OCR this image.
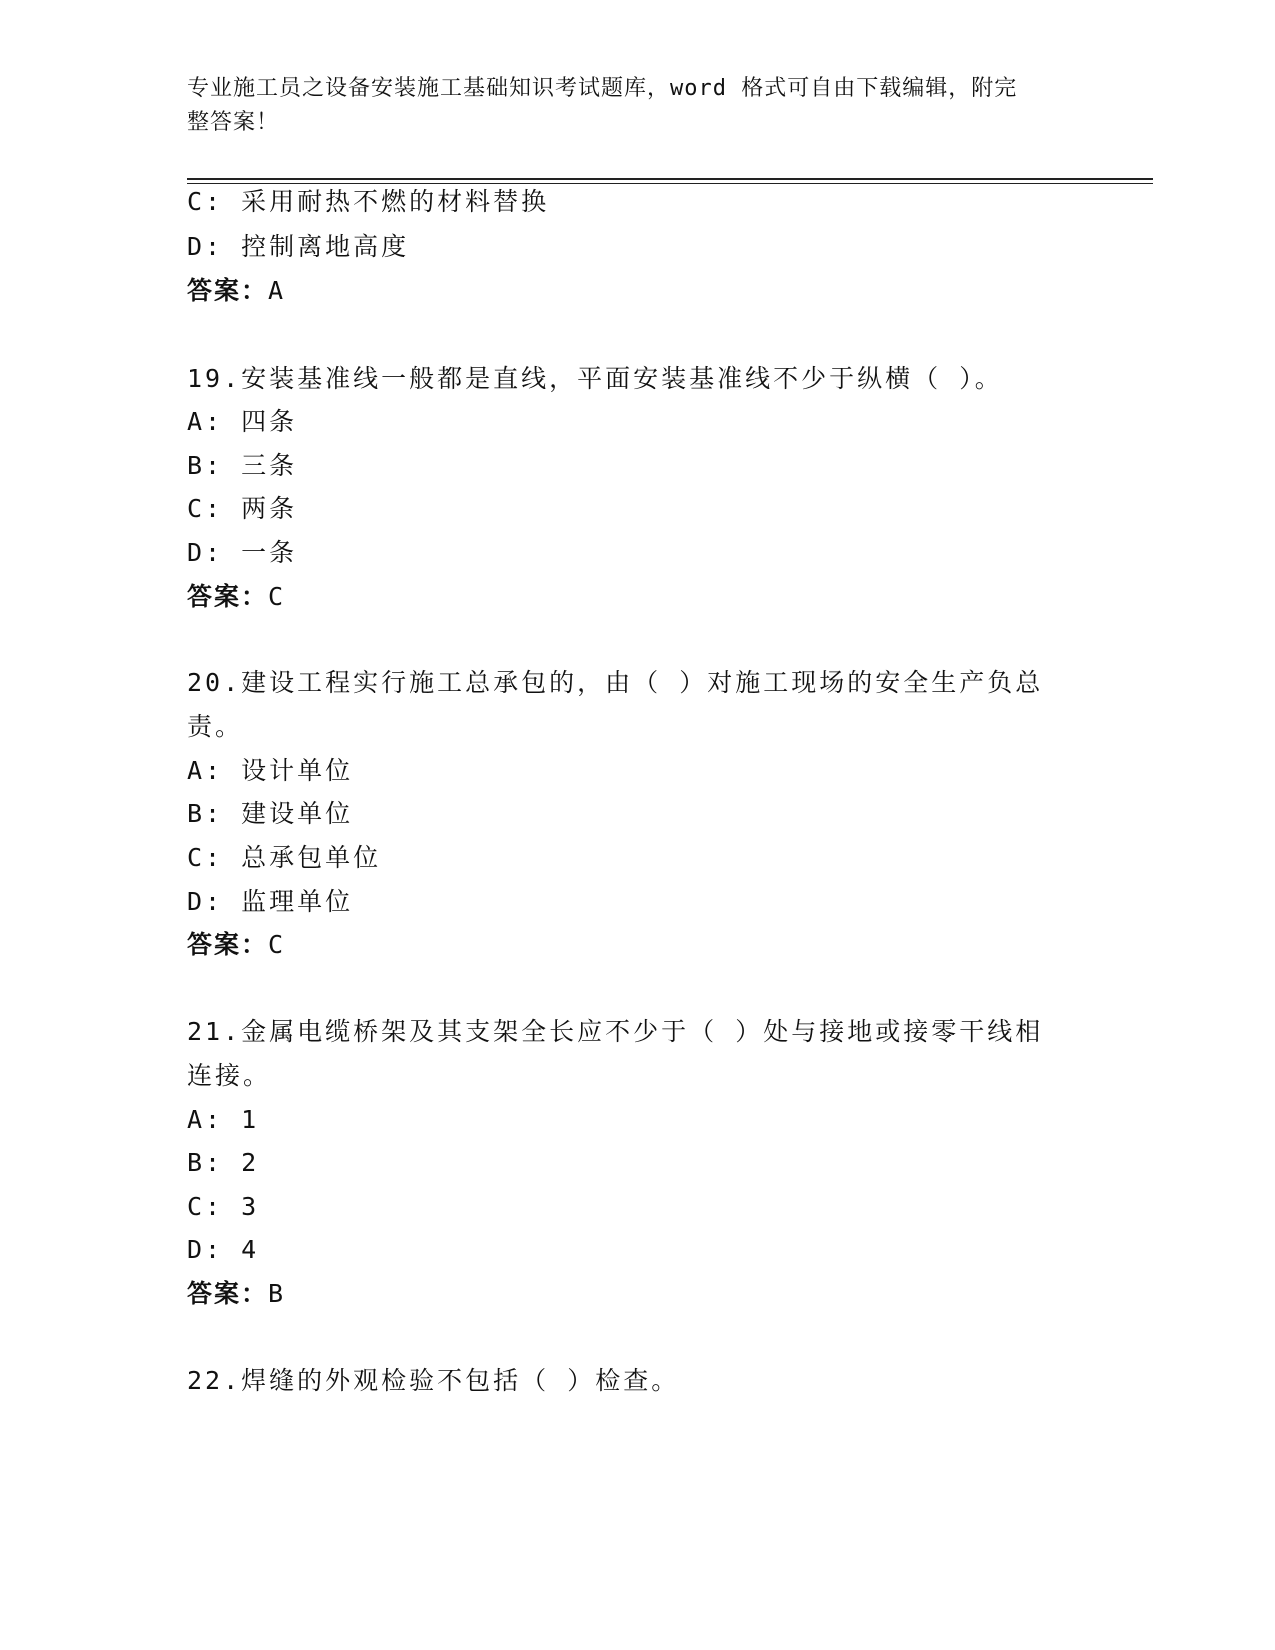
专业施工员之设备安装施工基础知识考试题库，word 格式可自由下载编辑，附完
整答案！
C: 采用耐热不燃的材料替换
D: 控制离地高度
答案：A
19.安装基准线一般都是直线，平面安装基准线不少于纵横（ ）。
A: 四条
B: 三条
C: 两条
D: 一条
答案：C
20.建设工程实行施工总承包的，由（ ）对施工现场的安全生产负总
责。
A: 设计单位
B: 建设单位
C: 总承包单位
D: 监理单位
答案：C
21.金属电缆桥架及其支架全长应不少于（ ）处与接地或接零干线相
连接。
A: 1
B: 2
C: 3
D: 4
答案：B
22.焊缝的外观检验不包括（ ）检查。
